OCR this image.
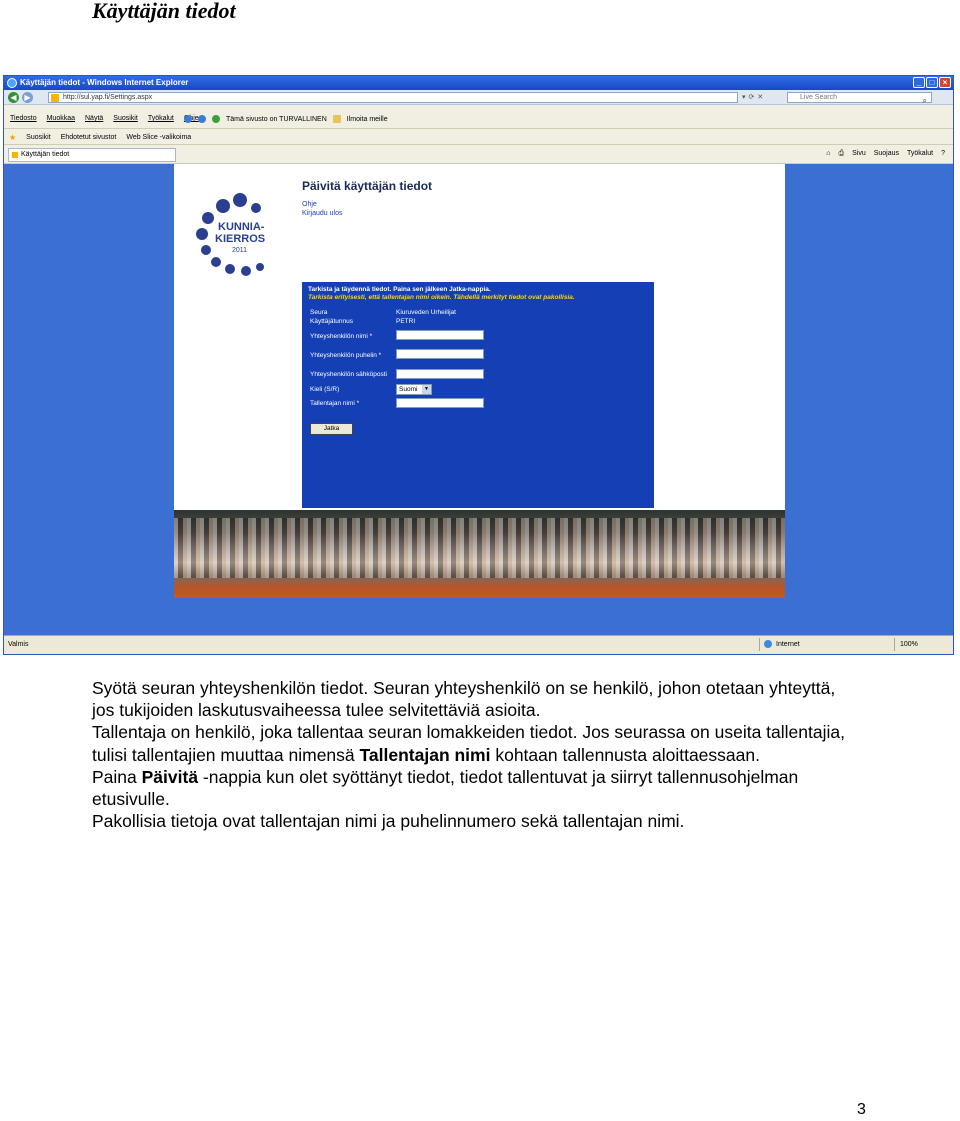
Käyttäjän tiedot
Käyttäjän tiedot - Windows Internet Explorer	_	□	×
◀ ▶	http://sul.yap.fi/Settings.aspx	▾⟳✕	Live Search	⌕
Tiedosto Muokkaa Näytä Suosikit Työkalut	Tämä sivusto on TURVALLINEN	Ilmoita meille
★ Suosikit Ehdotetut sivustot Web Slice -valikoima
Käyttäjän tiedot	⌂ ⎙ Sivu Suojaus Työkalut ?
KUNNIA-
KIERROS
2011
Päivitä käyttäjän tiedot
Ohje
Kirjaudu ulos
Tarkista ja täydennä tiedot. Paina sen jälkeen Jatka-nappia.
Tarkista erityisesti, että tallentajan nimi oikein. Tähdellä merkityt tiedot ovat pakollisia.
Seura	Kiuruveden Urheilijat
Käyttäjätunnus	PETRI
Yhteyshenkilön nimi *
Yhteyshenkilön puhelin *
Yhteyshenkilön sähköposti
Kieli (S/R)	Suomi	▼
Tallentajan nimi *
Jatka
Valmis	Internet	100%

Syötä seuran yhteyshenkilön tiedot. Seuran yhteyshenkilö on se henkilö, johon otetaan yhteyttä, jos tukijoiden laskutusvaiheessa tulee selvitettäviä asioita.

Tallentaja on henkilö, joka tallentaa seuran lomakkeiden tiedot. Jos seurassa on useita tallentajia, tulisi tallentajien muuttaa nimensä Tallentajan nimi kohtaan tallennusta aloittaessaan.

Paina Päivitä -nappia kun olet syöttänyt tiedot, tiedot tallentuvat ja siirryt tallennusohjelman etusivulle.

Pakollisia tietoja ovat tallentajan nimi ja puhelinnumero sekä tallentajan nimi.

3
